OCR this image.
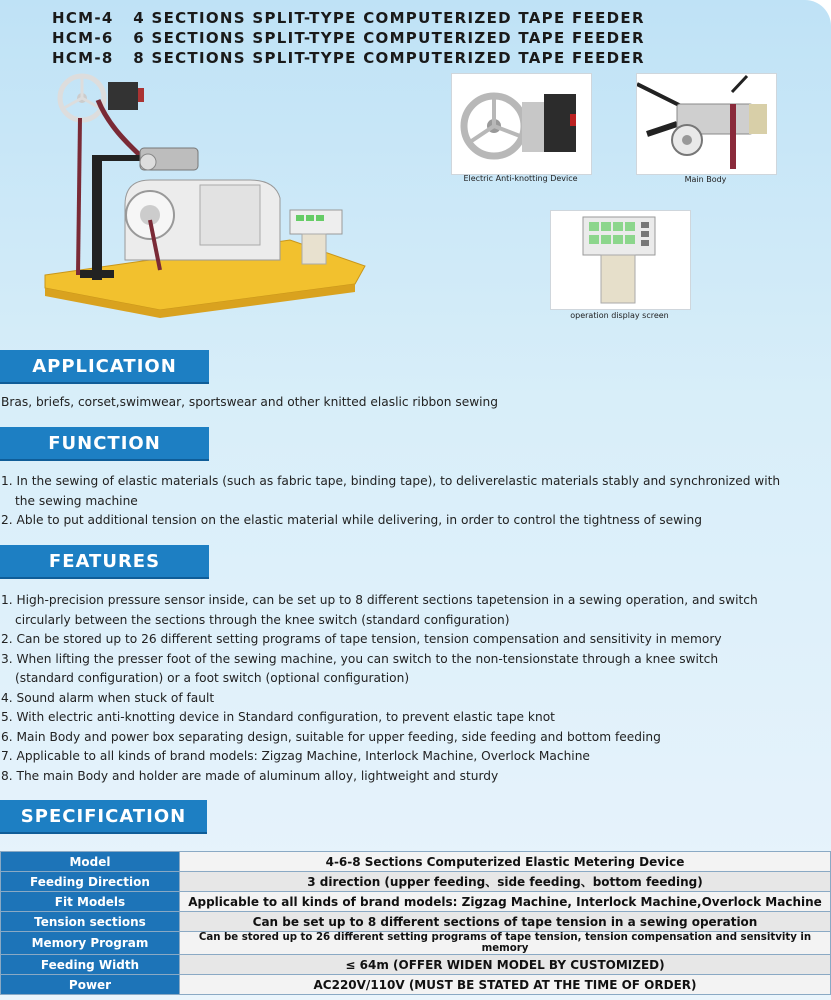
HCM-4   4 SECTIONS SPLIT-TYPE COMPUTERIZED TAPE FEEDER
HCM-6   6 SECTIONS SPLIT-TYPE COMPUTERIZED TAPE FEEDER
HCM-8   8 SECTIONS SPLIT-TYPE COMPUTERIZED TAPE FEEDER
Electric Anti-knotting Device	Main Body
operation display screen
APPLICATION
Bras, briefs, corset,swimwear, sportswear and other knitted elaslic ribbon sewing
FUNCTION
1. In the sewing of elastic materials (such as fabric tape, binding tape), to deliverelastic materials stably and synchronized with
the sewing machine
2. Able to put additional tension on the elastic material while delivering, in order to control the tightness of sewing
FEATURES
1. High-precision pressure sensor inside, can be set up to 8 different sections tapetension in a sewing operation, and switch
circularly between the sections through the knee switch (standard configuration)
2. Can be stored up to 26 different setting programs of tape tension, tension compensation and sensitivity in memory
3. When lifting the presser foot of the sewing machine, you can switch to the non-tensionstate through a knee switch
(standard configuration) or a foot switch (optional configuration)
4. Sound alarm when stuck of fault
5. With electric anti-knotting device in Standard configuration, to prevent elastic tape knot
6. Main Body and power box separating design, suitable for upper feeding, side feeding and bottom feeding
7. Applicable to all kinds of brand models: Zigzag Machine, Interlock Machine, Overlock Machine
8. The main Body and holder are made of aluminum alloy, lightweight and sturdy
SPECIFICATION
Model	4-6-8 Sections Computerized Elastic Metering Device
Feeding Direction	3 direction (upper feeding、side feeding、bottom feeding)
Fit Models	Applicable to all kinds of brand models: Zigzag Machine, Interlock Machine,Overlock Machine
Tension sections	Can be set up to 8 different sections of tape tension in a sewing operation
Memory Program	Can be stored up to 26 different setting programs of tape tension, tension compensation and sensitvity in memory
Feeding Width	≤ 64m (OFFER WIDEN MODEL BY CUSTOMIZED)
Power	AC220V/110V (MUST BE STATED AT THE TIME OF ORDER)
